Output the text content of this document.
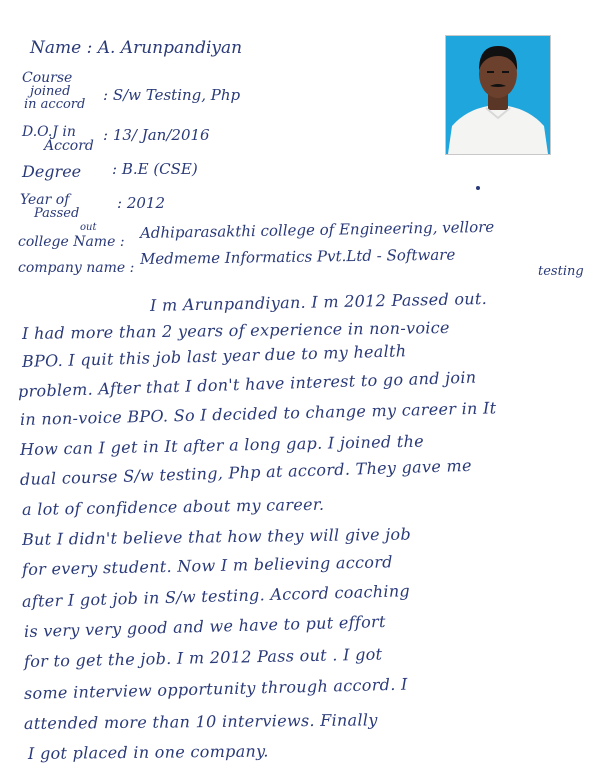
Name : A. Arunpandiyan
Course
joined
in accord
: S/w Testing, Php
D.O.J in
Accord
: 13/ Jan/2016
Degree : B.E (CSE)
Year of
Passed
out
: 2012
college Name :
Adhiparasakthi college of Engineering, vellore
company name :
Medmeme Informatics Pvt.Ltd - Software
testing
I m Arunpandiyan. I m 2012 Passed out.
I had more than 2 years of experience in non-voice
BPO. I quit this job last year due to my health
problem. After that I don't have interest to go and join
in non-voice BPO. So I decided to change my career in It
How can I get in It after a long gap. I joined the
dual course S/w testing, Php at accord. They gave me
a lot of confidence about my career.
But I didn't believe that how they will give job
for every student. Now I m believing accord
after I got job in S/w testing. Accord coaching
is very very good and we have to put effort
for to get the job. I m 2012 Pass out . I got
some interview opportunity through accord. I
attended more than 10 interviews. Finally
I got placed in one company.
